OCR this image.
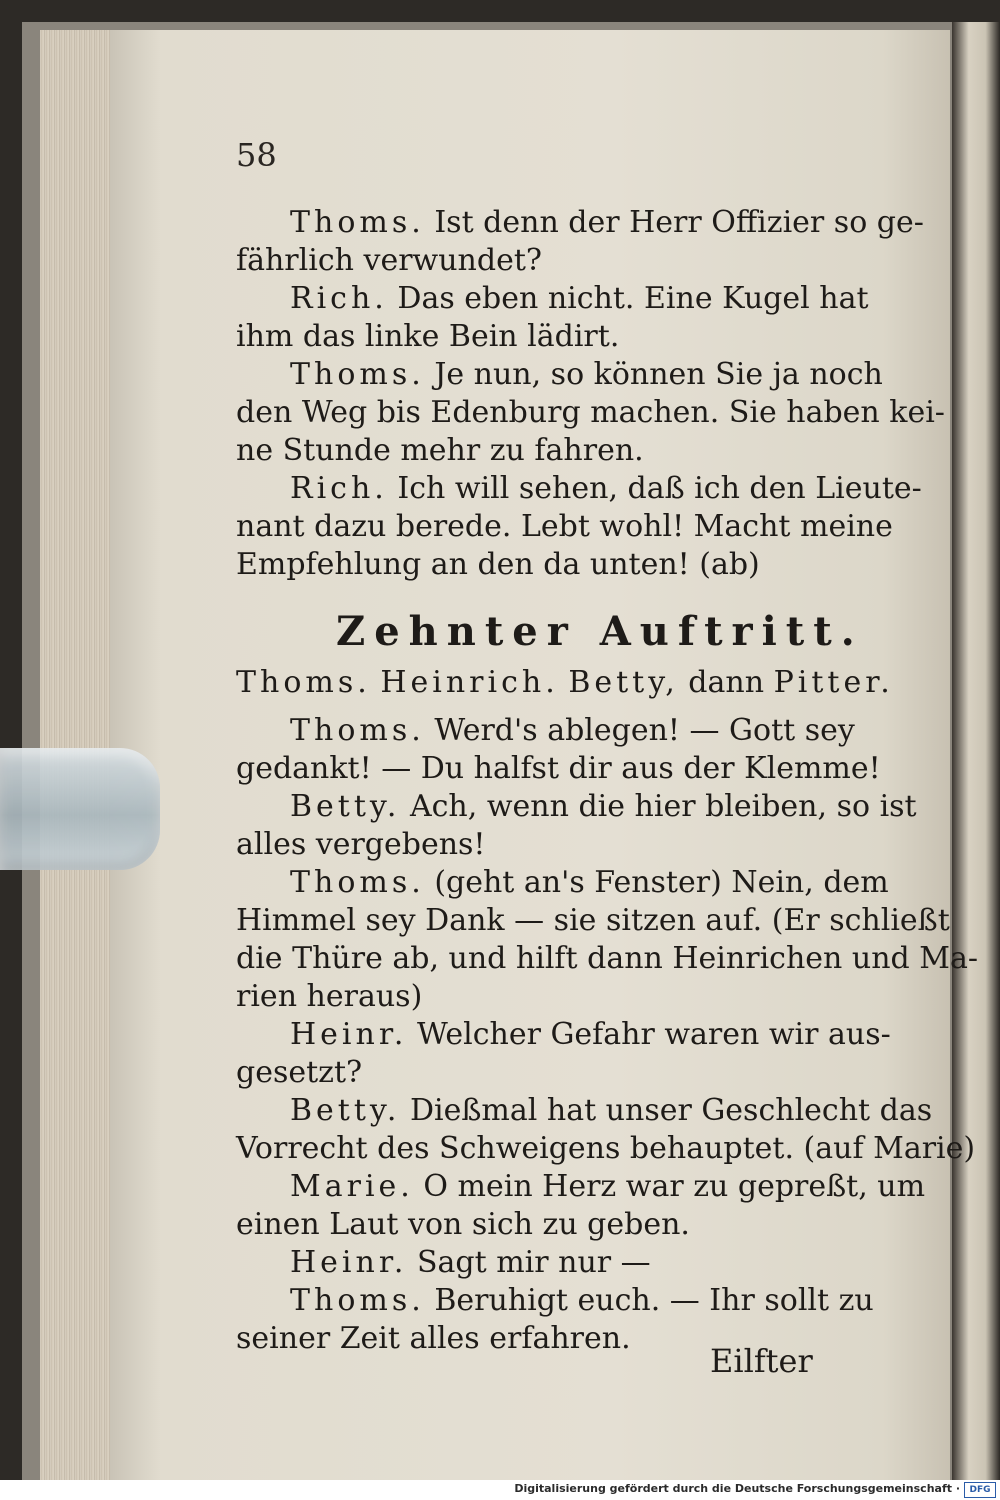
58

Thoms. Ist denn der Herr Offizier so ge-

fährlich verwundet?

Rich. Das eben nicht. Eine Kugel hat

ihm das linke Bein lädirt.

Thoms. Je nun, so können Sie ja noch

den Weg bis Edenburg machen. Sie haben kei-

ne Stunde mehr zu fahren.

Rich. Ich will sehen, daß ich den Lieute-

nant dazu berede. Lebt wohl! Macht meine

Empfehlung an den da unten! (ab)

Zehnter Auftritt.

Thoms. Heinrich. Betty, dann Pitter.

Thoms. Werd's ablegen! — Gott sey

gedankt! — Du halfst dir aus der Klemme!

Betty. Ach, wenn die hier bleiben, so ist

alles vergebens!

Thoms. (geht an's Fenster) Nein, dem

Himmel sey Dank — sie sitzen auf. (Er schließt

die Thüre ab, und hilft dann Heinrichen und Ma-

rien heraus)

Heinr. Welcher Gefahr waren wir aus-

gesetzt?

Betty. Dießmal hat unser Geschlecht das

Vorrecht des Schweigens behauptet. (auf Marie)

Marie. O mein Herz war zu gepreßt, um

einen Laut von sich zu geben.

Heinr. Sagt mir nur —

Thoms. Beruhigt euch. — Ihr sollt zu

seiner Zeit alles erfahren.

Eilfter

Digitalisierung gefördert durch die Deutsche Forschungsgemeinschaft ·	DFG
